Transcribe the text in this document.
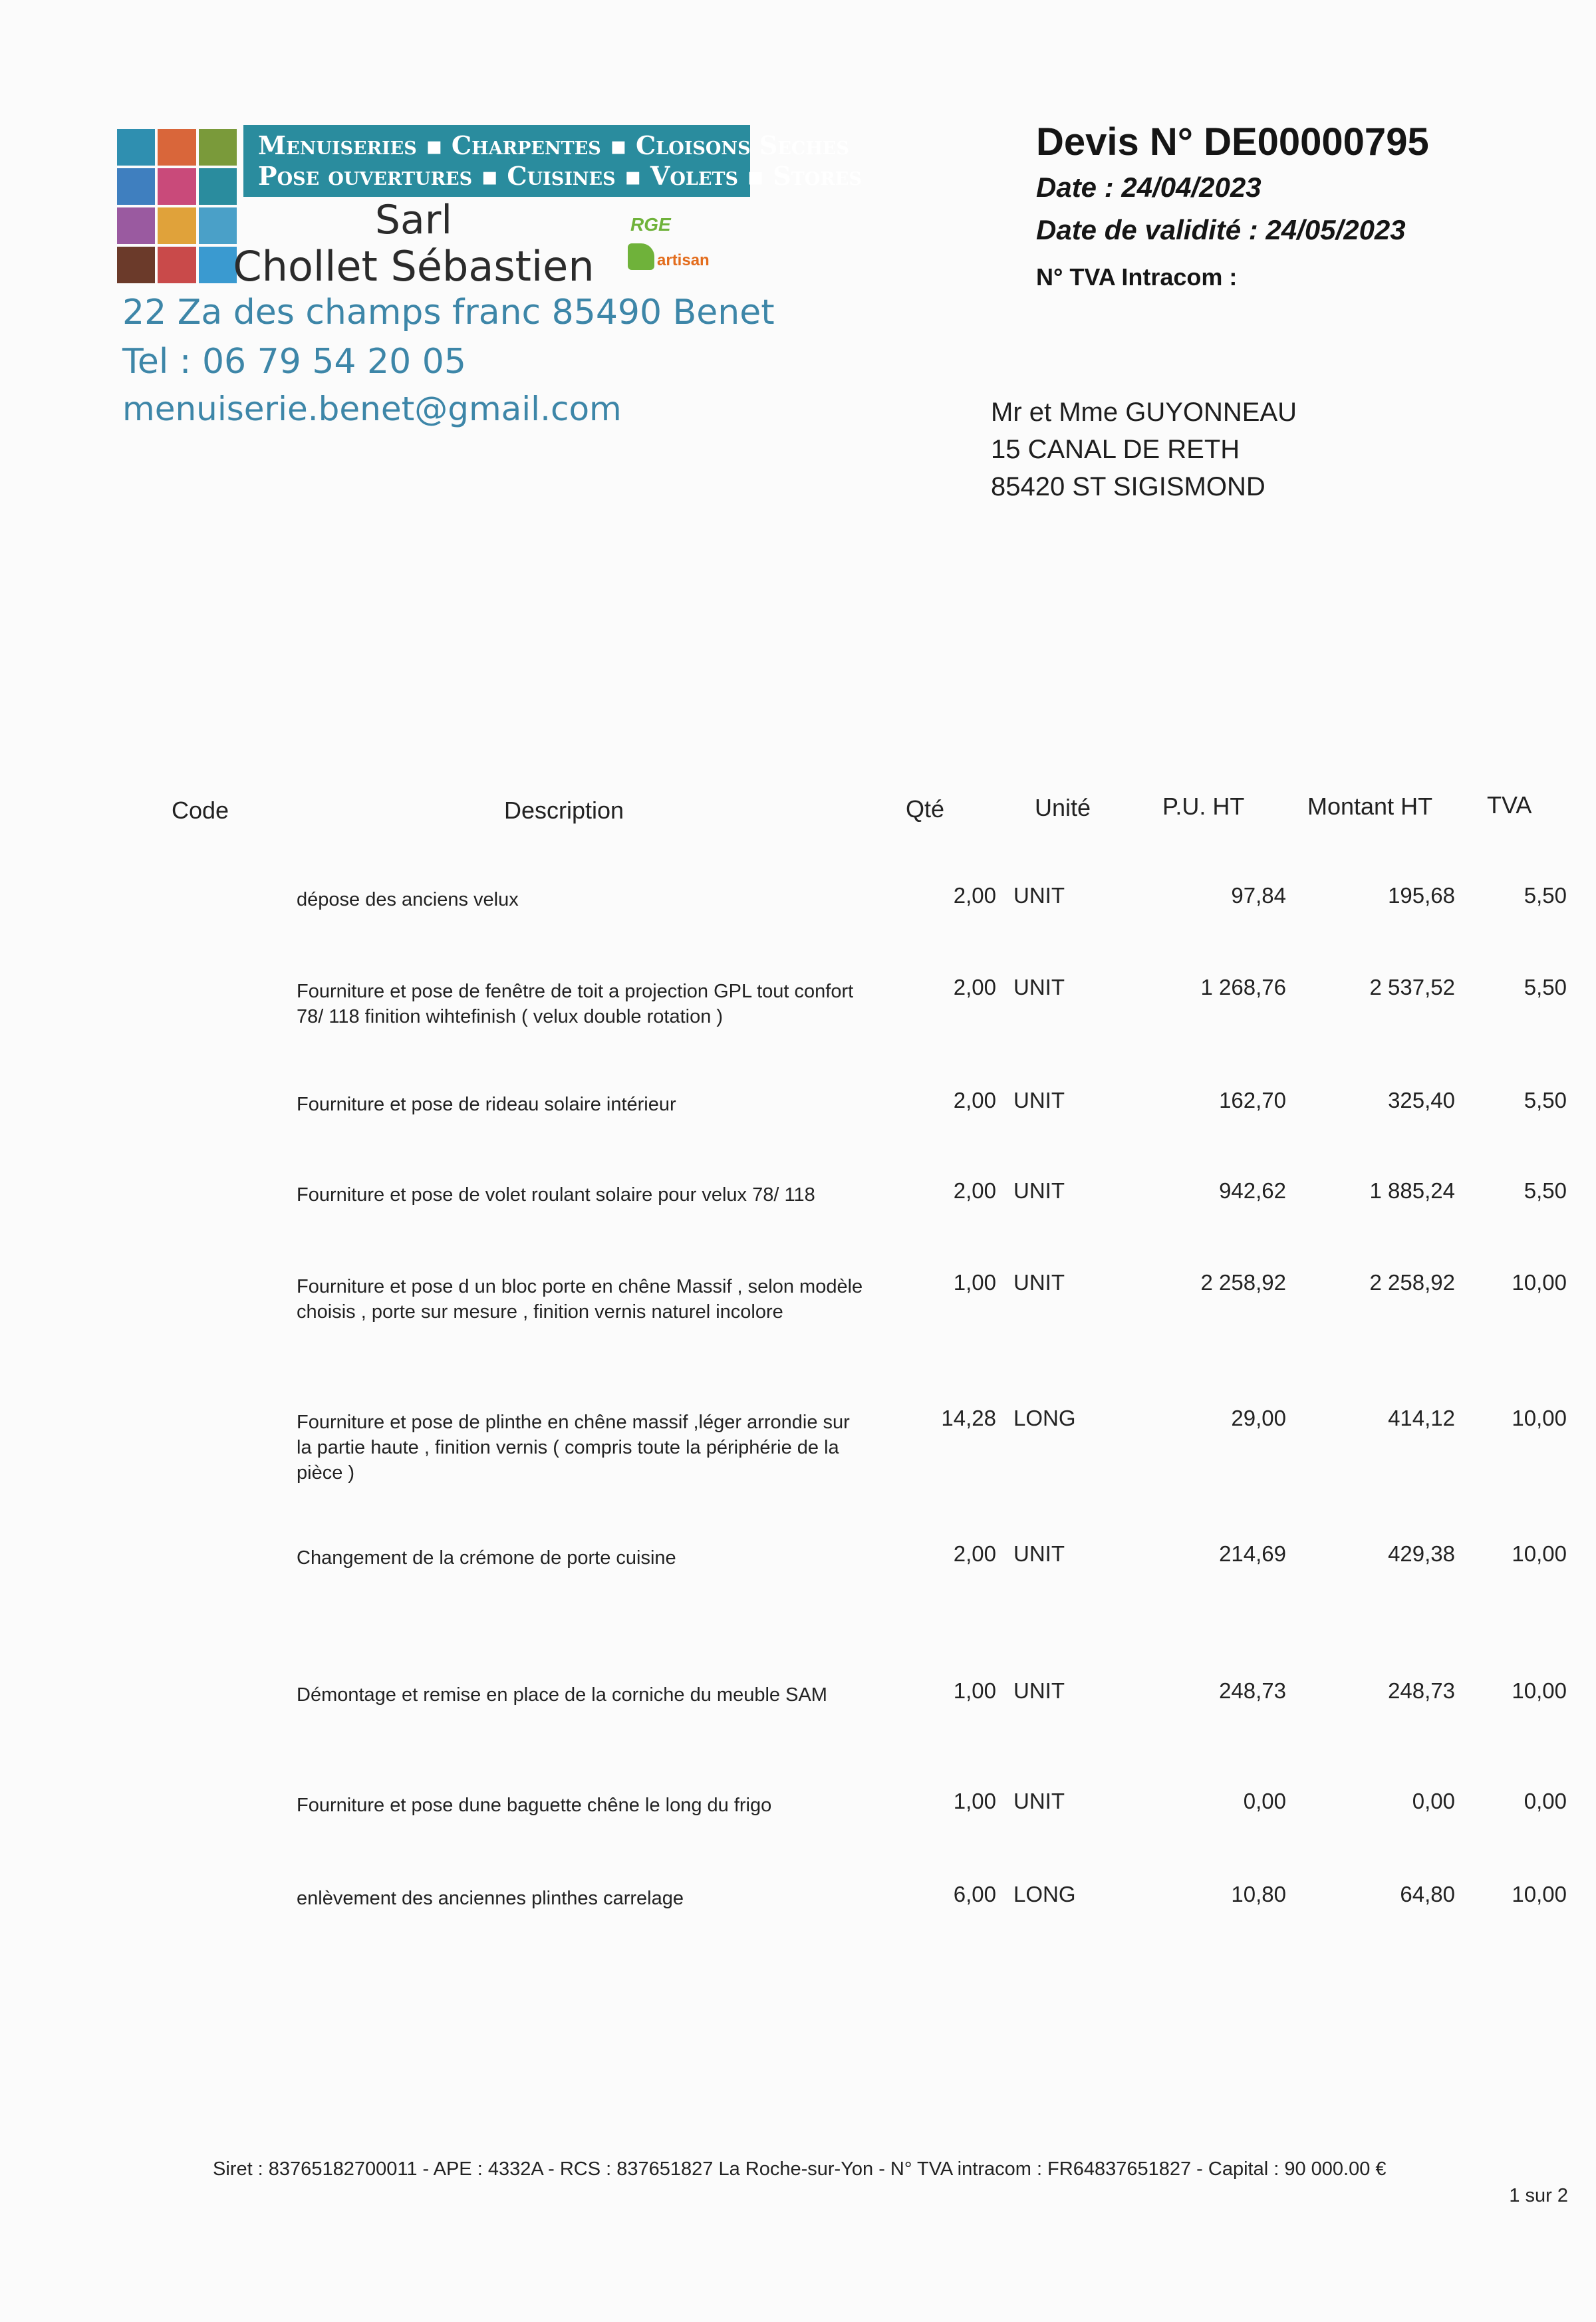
Menuiseries ▪ Charpentes ▪ Cloisons Seches
Pose ouvertures ▪ Cuisines ▪ Volets ▪ Stores
Sarl
Chollet Sébastien
RGE
artisan
22 Za des champs franc 85490 Benet
Tel : 06 79 54 20 05
menuiserie.benet@gmail.com
Devis N° DE00000795
Date : 24/04/2023
Date de validité : 24/05/2023
N° TVA Intracom :
Mr et Mme GUYONNEAU
15 CANAL DE RETH
85420 ST SIGISMOND
Code	Description	Qté	Unité	P.U. HT	Montant HT TVA
dépose des anciens velux	2,00 UNIT	97,84	195,68	5,50
Fourniture et pose de fenêtre de toit a projection GPL tout confort 78/ 118 finition wihtefinish ( velux double rotation )
2,00 UNIT	1 268,76	2 537,52	5,50
Fourniture et pose de rideau solaire intérieur	2,00 UNIT	162,70	325,40	5,50
Fourniture et pose de volet roulant solaire pour velux 78/ 118	2,00 UNIT	942,62	1 885,24	5,50
Fourniture et pose d un bloc porte en chêne Massif , selon modèle choisis , porte sur mesure , finition vernis naturel incolore
1,00 UNIT	2 258,92	2 258,92	10,00
Fourniture et pose de plinthe en chêne massif ,léger arrondie sur la partie haute , finition vernis ( compris toute la périphérie de la pièce )
14,28 LONG	29,00	414,12	10,00
Changement de la crémone de porte cuisine	2,00 UNIT	214,69	429,38	10,00
Démontage et remise en place de la corniche du meuble SAM	1,00 UNIT	248,73	248,73	10,00
Fourniture et pose dune baguette chêne le long du frigo	1,00 UNIT	0,00	0,00	0,00
enlèvement des anciennes plinthes carrelage	6,00 LONG	10,80	64,80	10,00
Siret : 83765182700011 - APE : 4332A - RCS : 837651827 La Roche-sur-Yon - N° TVA intracom : FR64837651827 - Capital : 90 000.00 €
1 sur 2
